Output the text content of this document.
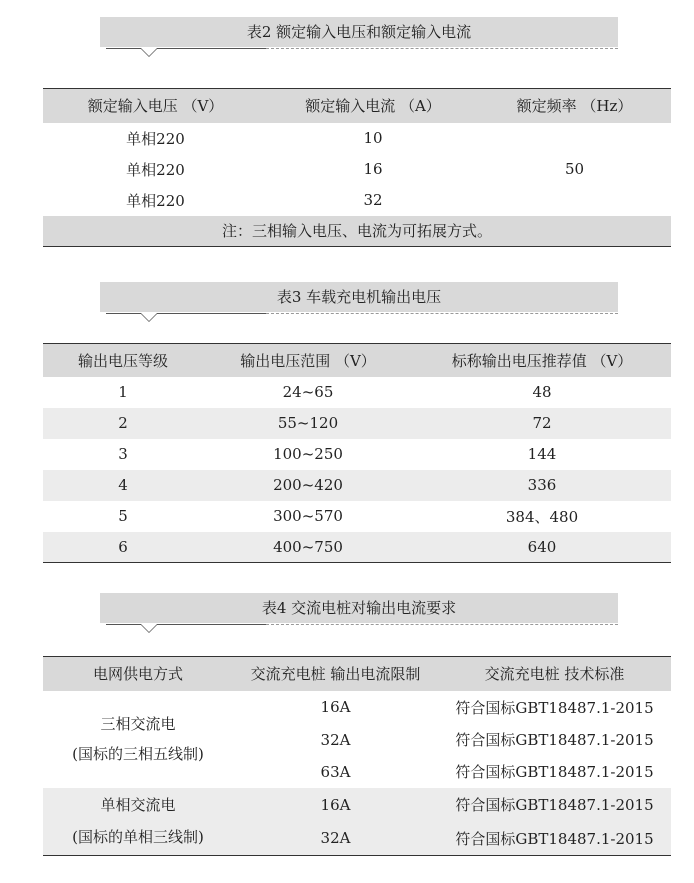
表2 额定输入电压和额定输入电流
额定输入电压 （V）	额定输入电流 （A）	额定频率 （Hz）
单相220	10	50
单相220	16	
单相220	32	
注：三相输入电压、电流为可拓展方式。		
表3 车载充电机输出电压
输出电压等级	输出电压范围 （V）	标称输出电压推荐值 （V）
1	24~65	48
2	55~120	72
3	100~250	144
4	200~420	336
5	300~570	384、480
6	400~750	640
表4 交流电桩对输出电流要求
电网供电方式	交流充电桩 输出电流限制	交流充电桩 技术标准

三相交流电
(国标的三相五线制)	16A	符合国标GBT18487.1-2015
	32A	符合国标GBT18487.1-2015
	63A	符合国标GBT18487.1-2015

单相交流电
(国标的单相三线制)	16A	符合国标GBT18487.1-2015
	32A	符合国标GBT18487.1-2015
